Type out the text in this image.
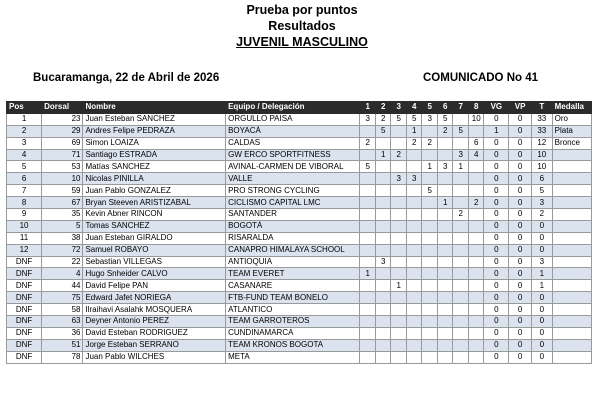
Prueba por puntos
Resultados
JUVENIL MASCULINO
Bucaramanga, 22 de Abril de 2026	COMUNICADO No 41
Pos	Dorsal	Nombre	Equipo / Delegación	1	2	3	4	5	6	7	8	VG	VP	T	Medalla
1	23	Juan Esteban SANCHEZ	ORGULLO PAISA	3	2	5	5	3	5		10	0	0	33	Oro
2	29	Andres Felipe PEDRAZA	BOYACÁ		5		1		2	5		1	0	33	Plata
3	69	Simon LOAIZA	CALDAS	2			2	2			6	0	0	12	Bronce
4	71	Santiago ESTRADA	GW ERCO SPORTFITNESS		1	2				3	4	0	0	10	
5	53	Matías SANCHEZ	AVINAL-CARMEN DE VIBORAL	5				1	3	1		0	0	10	
6	10	Nicolas PINILLA	VALLE			3	3					0	0	6	
7	59	Juan Pablo GONZALEZ	PRO STRONG CYCLING					5				0	0	5	
8	67	Bryan Steeven ARISTIZABAL	CICLISMO CAPITAL LMC						1		2	0	0	3	
9	35	Kevin Abner RINCON	SANTANDER							2		0	0	2	
10	5	Tomas SANCHEZ	BOGOTÁ									0	0	0	
11	38	Juan Esteban GIRALDO	RISARALDA									0	0	0	
12	72	Samuel ROBAYO	CANAPRO HIMALAYA SCHOOL									0	0	0	
DNF	22	Sebastian VILLEGAS	ANTIOQUIA		3							0	0	3	
DNF	4	Hugo Snheider CALVO	TEAM EVERET	1								0	0	1	
DNF	44	David Felipe PAN	CASANARE			1						0	0	1	
DNF	75	Edward Jafet NORIEGA	FTB-FUND TEAM BONELO									0	0	0	
DNF	58	Ilraihavi Asalahk MOSQUERA	ATLANTICO									0	0	0	
DNF	63	Deyner Antonio PEREZ	TEAM GARROTEROS									0	0	0	
DNF	36	David Esteban RODRIGUEZ	CUNDINAMARCA									0	0	0	
DNF	51	Jorge Esteban SERRANO	TEAM KRONOS BOGOTA									0	0	0	
DNF	78	Juan Pablo WILCHES	META									0	0	0	
